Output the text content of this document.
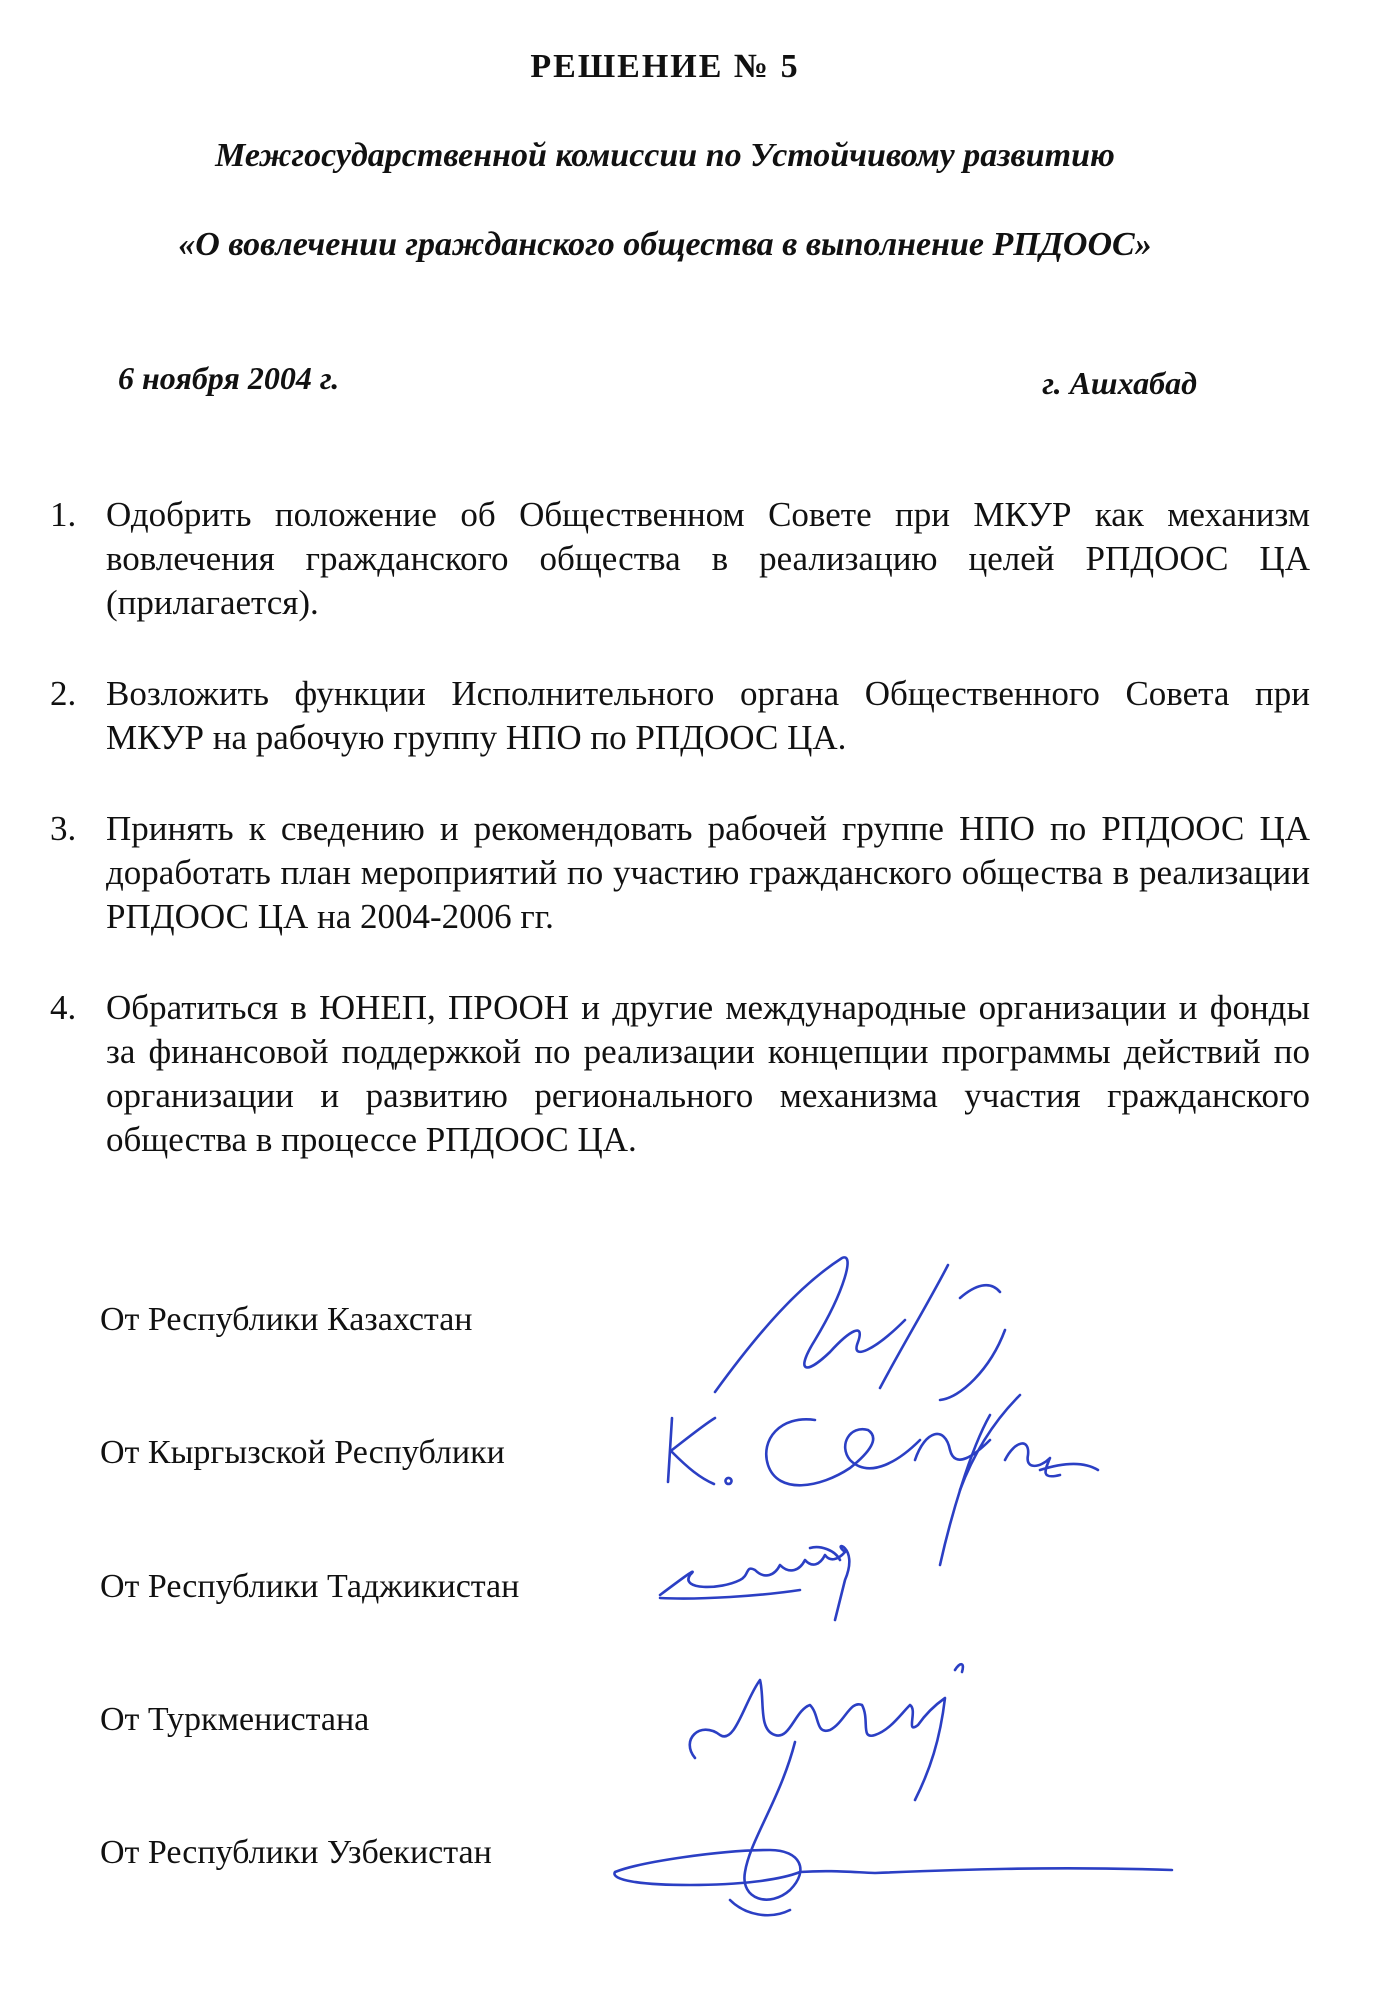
РЕШЕНИЕ № 5
Межгосударственной комиссии по Устойчивому развитию
«О вовлечении гражданского общества в выполнение РПДООС»
6 ноября 2004 г.	г. Ашхабад
1. Одобрить положение об Общественном Совете при МКУР как механизм вовлечения гражданского общества в реализацию целей РПДООС ЦА (прилагается).
2. Возложить функции Исполнительного органа Общественного Совета при МКУР на рабочую группу НПО по РПДООС ЦА.
3. Принять к сведению и рекомендовать рабочей группе НПО по РПДООС ЦА доработать план мероприятий по участию гражданского общества в реализации РПДООС ЦА на 2004-2006 гг.
4. Обратиться в ЮНЕП, ПРООН и другие международные организации и фонды за финансовой поддержкой по реализации концепции программы действий по организации и развитию регионального механизма участия гражданского общества в процессе РПДООС ЦА.
От Республики Казахстан
От Кыргызской Республики
От Республики Таджикистан
От Туркменистана
От Республики Узбекистан
